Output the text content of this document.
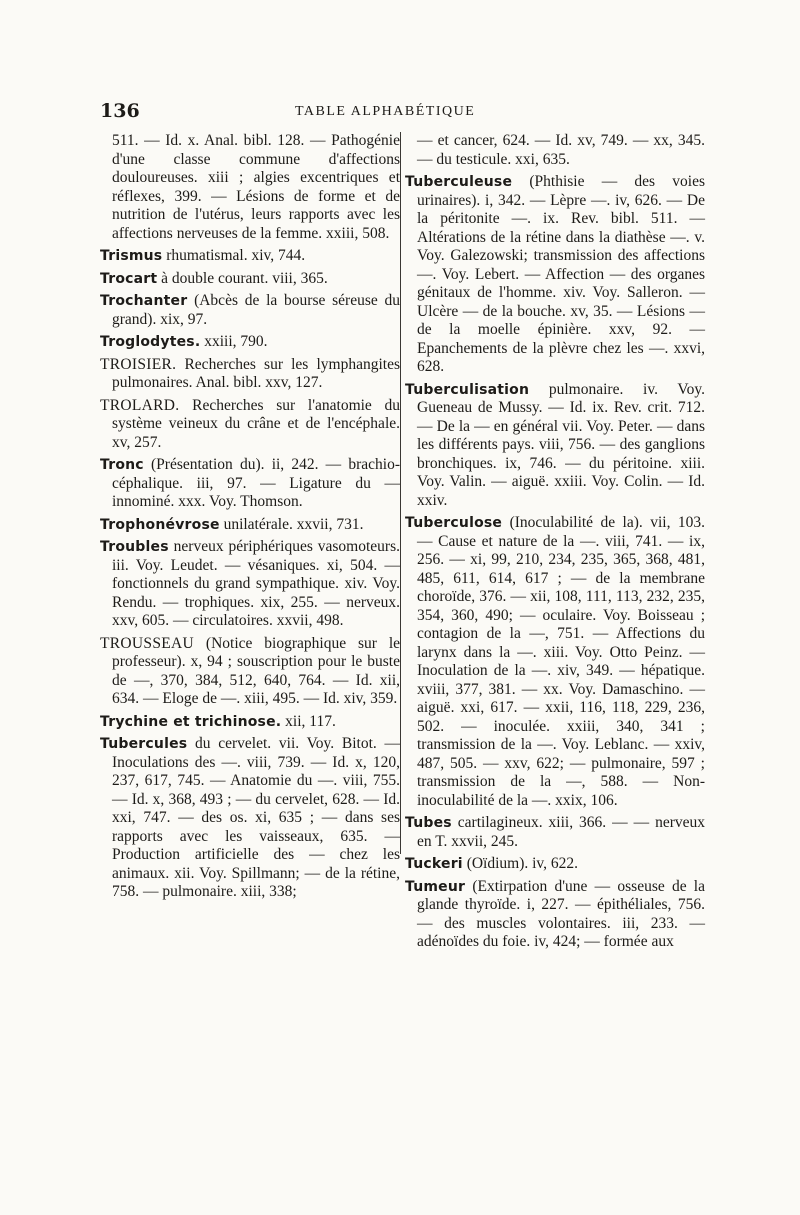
136	TABLE ALPHABÉTIQUE

511. — Id. x. Anal. bibl. 128. — Pathogénie d'une classe commune d'affections douloureuses. xiii ; algies excentriques et réflexes, 399. — Lésions de forme et de nutrition de l'utérus, leurs rapports avec les affections nerveuses de la femme. xxiii, 508.

Trismus rhumatismal. xiv, 744.

Trocart à double courant. viii, 365.

Trochanter (Abcès de la bourse séreuse du grand). xix, 97.

Troglodytes. xxiii, 790.

TROISIER. Recherches sur les lymphangites pulmonaires. Anal. bibl. xxv, 127.

TROLARD. Recherches sur l'anatomie du système veineux du crâne et de l'encéphale. xv, 257.

Tronc (Présentation du). ii, 242. — brachio-céphalique. iii, 97. — Ligature du — innominé. xxx. Voy. Thomson.

Trophonévrose unilatérale. xxvii, 731.

Troubles nerveux périphériques vasomoteurs. iii. Voy. Leudet. — vésaniques. xi, 504. — fonctionnels du grand sympathique. xiv. Voy. Rendu. — trophiques. xix, 255. — nerveux. xxv, 605. — circulatoires. xxvii, 498.

TROUSSEAU (Notice biographique sur le professeur). x, 94 ; souscription pour le buste de —, 370, 384, 512, 640, 764. — Id. xii, 634. — Eloge de —. xiii, 495. — Id. xiv, 359.

Trychine et trichinose. xii, 117.

Tubercules du cervelet. vii. Voy. Bitot. — Inoculations des —. viii, 739. — Id. x, 120, 237, 617, 745. — Anatomie du —. viii, 755. — Id. x, 368, 493 ; — du cervelet, 628. — Id. xxi, 747. — des os. xi, 635 ; — dans ses rapports avec les vaisseaux, 635. — Production artificielle des — chez les animaux. xii. Voy. Spillmann; — de la rétine, 758. — pulmonaire. xiii, 338;

— et cancer, 624. — Id. xv, 749. — xx, 345. — du testicule. xxi, 635.

Tuberculeuse (Phthisie — des voies urinaires). i, 342. — Lèpre —. iv, 626. — De la péritonite —. ix. Rev. bibl. 511. — Altérations de la rétine dans la diathèse —. v. Voy. Galezowski; transmission des affections —. Voy. Lebert. — Affection — des organes génitaux de l'homme. xiv. Voy. Salleron. — Ulcère — de la bouche. xv, 35. — Lésions — de la moelle épinière. xxv, 92. — Epanchements de la plèvre chez les —. xxvi, 628.

Tuberculisation pulmonaire. iv. Voy. Gueneau de Mussy. — Id. ix. Rev. crit. 712. — De la — en général vii. Voy. Peter. — dans les différents pays. viii, 756. — des ganglions bronchiques. ix, 746. — du péritoine. xiii. Voy. Valin. — aiguë. xxiii. Voy. Colin. — Id. xxiv.

Tuberculose (Inoculabilité de la). vii, 103. — Cause et nature de la —. viii, 741. — ix, 256. — xi, 99, 210, 234, 235, 365, 368, 481, 485, 611, 614, 617 ; — de la membrane choroïde, 376. — xii, 108, 111, 113, 232, 235, 354, 360, 490; — oculaire. Voy. Boisseau ; contagion de la —, 751. — Affections du larynx dans la —. xiii. Voy. Otto Peinz. — Inoculation de la —. xiv, 349. — hépatique. xviii, 377, 381. — xx. Voy. Damaschino. — aiguë. xxi, 617. — xxii, 116, 118, 229, 236, 502. — inoculée. xxiii, 340, 341 ; transmission de la —. Voy. Leblanc. — xxiv, 487, 505. — xxv, 622; — pulmonaire, 597 ; transmission de la —, 588. — Non-inoculabilité de la —. xxix, 106.

Tubes cartilagineux. xiii, 366. — — nerveux en T. xxvii, 245.

Tuckeri (Oïdium). iv, 622.

Tumeur (Extirpation d'une — osseuse de la glande thyroïde. i, 227. — épithéliales, 756. — des muscles volontaires. iii, 233. — adénoïdes du foie. iv, 424; — formée aux
